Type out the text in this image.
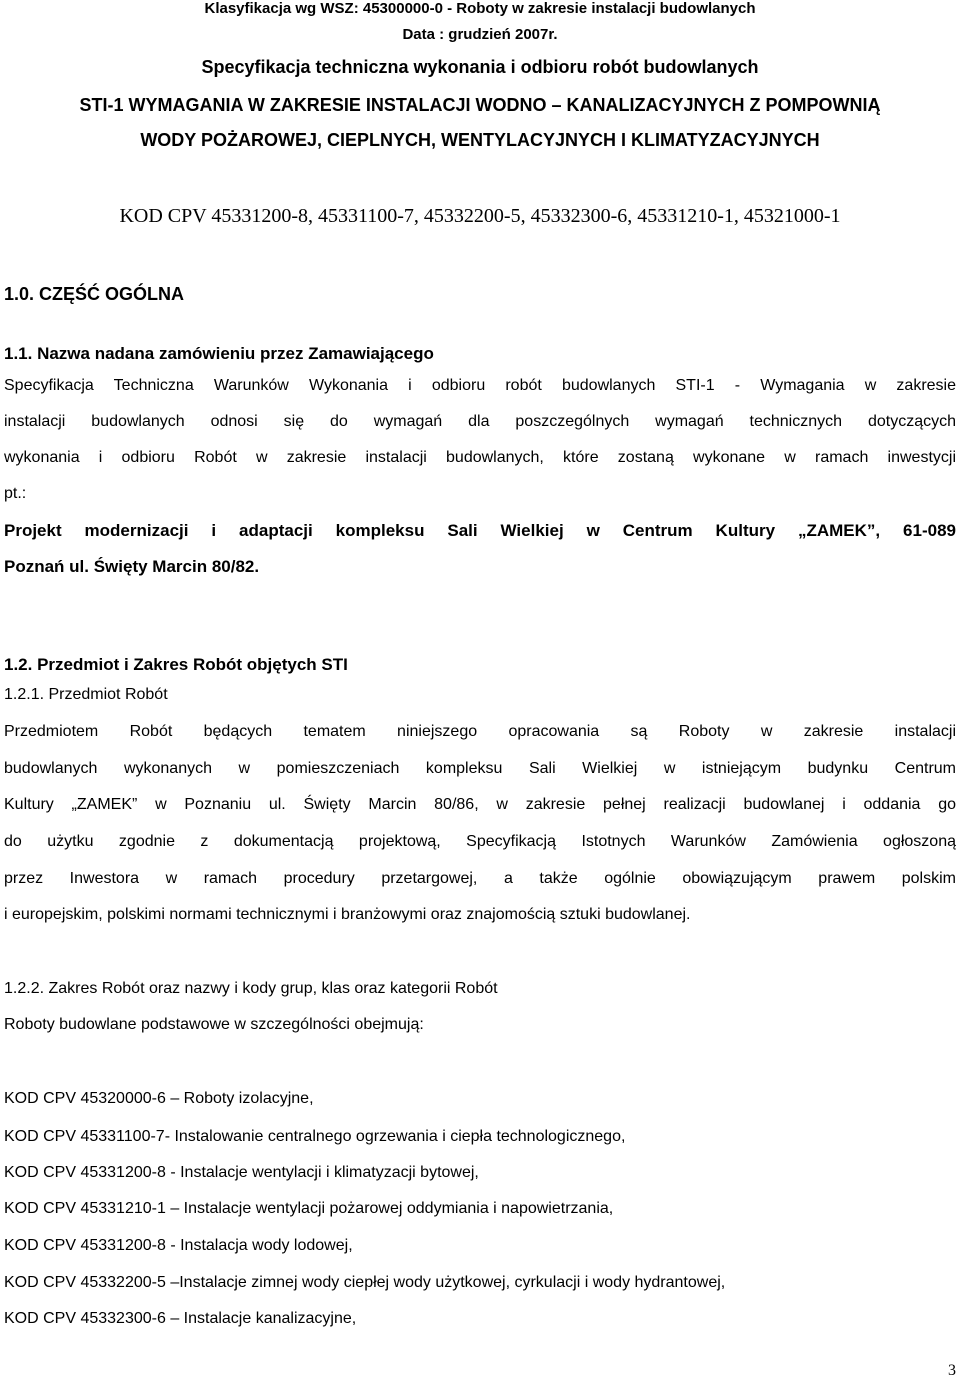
Klasyfikacja wg WSZ: 45300000-0 - Roboty w zakresie instalacji budowlanych
Data : grudzień 2007r.
Specyfikacja techniczna wykonania i odbioru robót budowlanych
STI-1 WYMAGANIA W ZAKRESIE INSTALACJI WODNO – KANALIZACYJNYCH Z POMPOWNIĄ
WODY POŻAROWEJ, CIEPLNYCH, WENTYLACYJNYCH I KLIMATYZACYJNYCH
KOD CPV 45331200-8, 45331100-7, 45332200-5, 45332300-6, 45331210-1, 45321000-1
1.0. CZĘŚĆ OGÓLNA
1.1. Nazwa nadana zamówieniu przez Zamawiającego
Specyfikacja Techniczna Warunków Wykonania i odbioru robót budowlanych STI-1 - Wymagania w zakresie
instalacji budowlanych odnosi się do wymagań dla poszczególnych wymagań technicznych dotyczących
wykonania i odbioru Robót w zakresie instalacji budowlanych, które zostaną wykonane w ramach inwestycji
pt.:
Projekt modernizacji i adaptacji kompleksu Sali Wielkiej w Centrum Kultury „ZAMEK”, 61-089
Poznań ul. Święty Marcin 80/82.
1.2. Przedmiot i Zakres Robót objętych STI
1.2.1. Przedmiot Robót
Przedmiotem Robót będących tematem niniejszego opracowania są Roboty w zakresie instalacji
budowlanych wykonanych w pomieszczeniach kompleksu Sali Wielkiej w istniejącym budynku Centrum
Kultury „ZAMEK” w Poznaniu ul. Święty Marcin 80/86, w zakresie pełnej realizacji budowlanej i oddania go
do użytku zgodnie z dokumentacją projektową, Specyfikacją Istotnych Warunków Zamówienia ogłoszoną
przez Inwestora w ramach procedury przetargowej, a także ogólnie obowiązującym prawem polskim
i europejskim, polskimi normami technicznymi i branżowymi oraz znajomością sztuki budowlanej.
1.2.2. Zakres Robót oraz nazwy i kody grup, klas oraz kategorii Robót
Roboty budowlane podstawowe w szczególności obejmują:
KOD CPV 45320000-6 – Roboty izolacyjne,
KOD CPV 45331100-7- Instalowanie centralnego ogrzewania i ciepła technologicznego,
KOD CPV 45331200-8 - Instalacje wentylacji i klimatyzacji bytowej,
KOD CPV 45331210-1 – Instalacje wentylacji pożarowej oddymiania i napowietrzania,
KOD CPV 45331200-8 - Instalacja wody lodowej,
KOD CPV 45332200-5 –Instalacje zimnej wody ciepłej wody użytkowej, cyrkulacji i wody hydrantowej,
KOD CPV 45332300-6 – Instalacje kanalizacyjne,
3
